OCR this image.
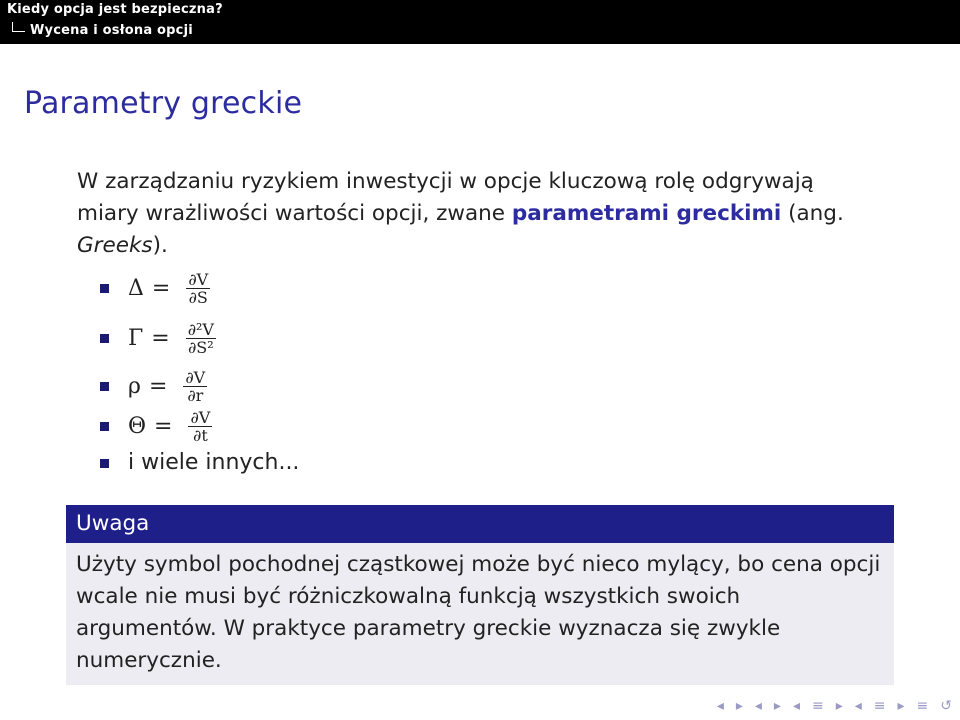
Kiedy opcja jest bezpieczna?
Wycena i osłona opcji
Parametry greckie
W zarządzaniu ryzykiem inwestycji w opcje kluczową rolę odgrywają miary wrażliwości wartości opcji, zwane parametrami greckimi (ang. Greeks).
$\Delta = \frac{\partial V}{\partial S}$
$\Gamma = \frac{\text{∂²V}}{\text{∂S²}}$
$\rho = \frac{\partial V}{\partial r}$
$\Theta = \frac{\partial V}{\partial t}$
i wiele innych...
Uwaga
Użyty symbol pochodnej cząstkowej może być nieco mylący, bo cena opcji wcale nie musi być różniczkowalną funkcją wszystkich swoich argumentów. W praktyce parametry greckie wyznacza się zwykle numerycznie.
◂ ▸ ◂ ▸ ◂ ≡ ▸ ◂ ≡ ▸ ≡ ↺
